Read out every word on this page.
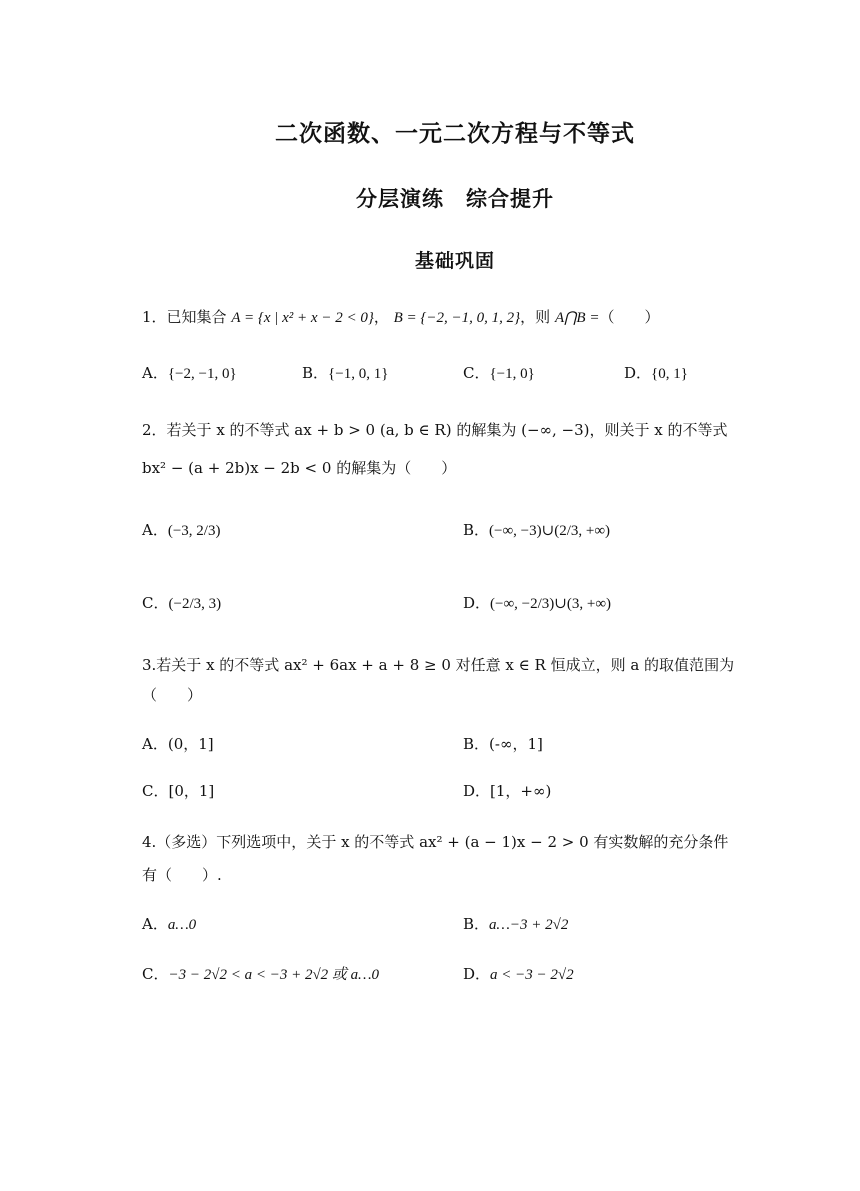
二次函数、一元二次方程与不等式
分层演练　综合提升
基础巩固
1．已知集合 A = {x | x² + x − 2 < 0}， B = {−2, −1, 0, 1, 2}，则 A⋂B =（　　）
A．{−2, −1, 0}	B．{−1, 0, 1}	C．{−1, 0}	D．{0, 1}
2．若关于 x 的不等式 ax + b > 0 (a, b ∈ R) 的解集为 (−∞, −3)，则关于 x 的不等式
bx² − (a + 2b)x − 2b < 0 的解集为（　　）
A．(−3, 2/3)	B．(−∞, −3)∪(2/3, +∞)
C．(−2/3, 3)	D．(−∞, −2/3)∪(3, +∞)
3.若关于 x 的不等式 ax² + 6ax + a + 8 ≥ 0 对任意 x ∈ R 恒成立，则 a 的取值范围为
（　　）
A．(0，1]	B．(-∞，1]
C．[0，1]	D．[1，+∞)
4.（多选）下列选项中，关于 x 的不等式 ax² + (a − 1)x − 2 > 0 有实数解的充分条件
有（　　）.
A．a…0	B．a…−3 + 2√2
C．−3 − 2√2 < a < −3 + 2√2 或 a…0	D．a < −3 − 2√2
